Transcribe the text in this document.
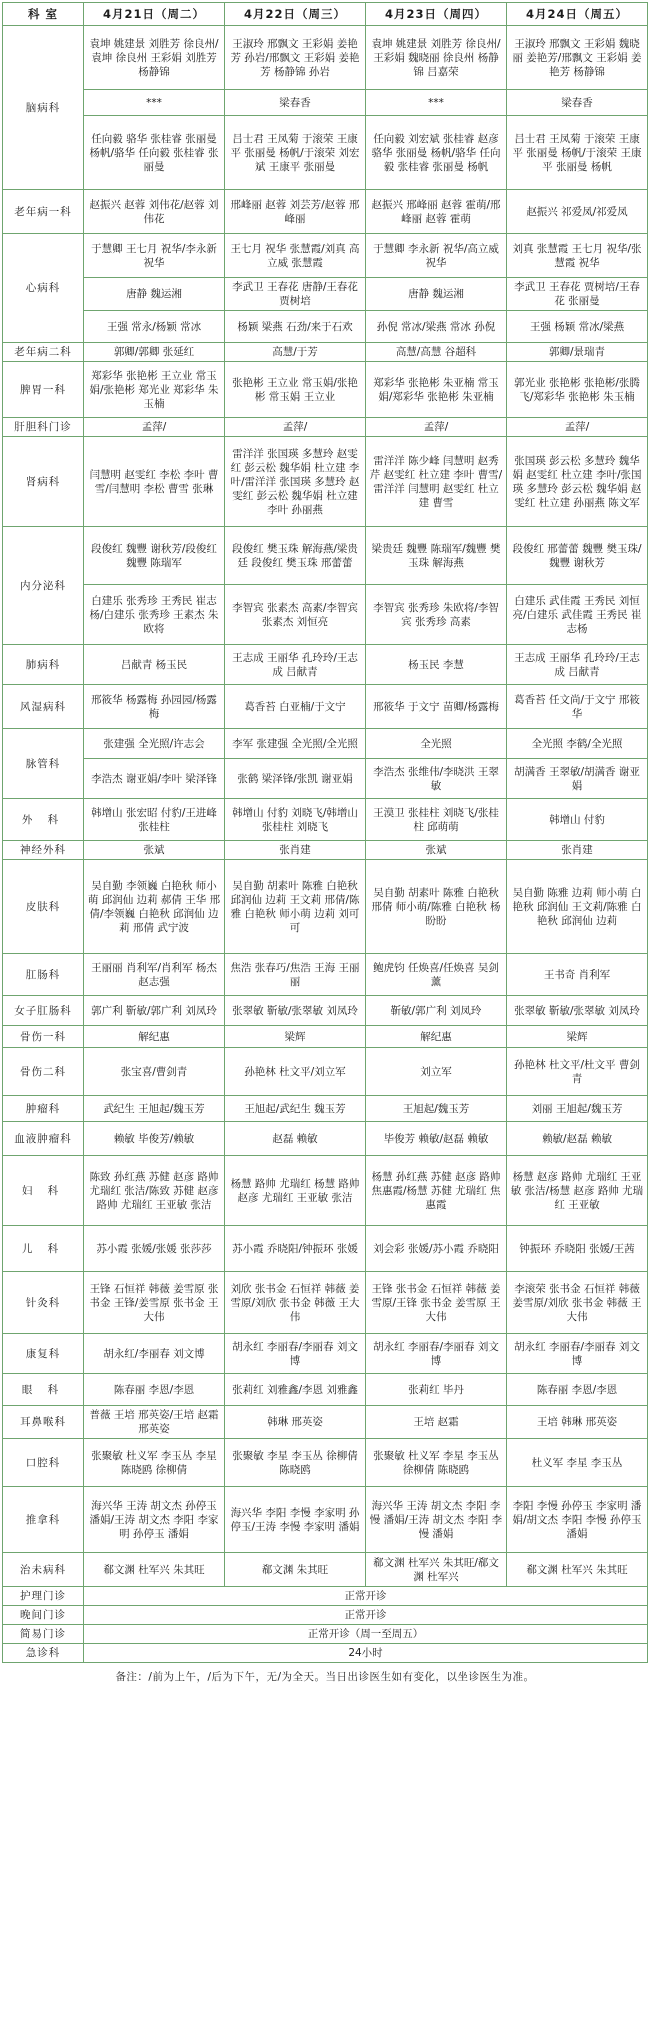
科 室	4月21日（周二）	4月22日（周三）	4月23日（周四）	4月24日（周五）
脑病科	袁坤 姚建景 刘胜芳 徐良州/袁坤 徐良州 王彩娟 刘胜芳 杨静锦	王淑玲 邢飘文 王彩娟 姜艳芳 孙岩/邢飘文 王彩娟 姜艳芳 杨静锦 孙岩	袁坤 姚建景 刘胜芳 徐良州/王彩娟 魏晓丽 徐良州 杨静锦 吕嘉荣	王淑玲 邢飘文 王彩娟 魏晓丽 姜艳芳/邢飘文 王彩娟 姜艳芳 杨静锦
	***	梁春香	***	梁春香
	任向毅 骆华 张桂睿 张丽曼 杨帆/骆华 任向毅 张桂睿 张丽曼	吕士君 王凤菊 于滚荣 王康平 张丽曼 杨帆/于滚荣 刘宏斌 王康平 张丽曼	任向毅 刘宏斌 张桂睿 赵彦 骆华 张丽曼 杨帆/骆华 任向毅 张桂睿 张丽曼 杨帆	吕士君 王凤菊 于滚荣 王康平 张丽曼 杨帆/于滚荣 王康平 张丽曼 杨帆
老年病一科	赵振兴 赵蓉 刘伟花/赵蓉 刘伟花	邢峰丽 赵蓉 刘芸芳/赵蓉 邢峰丽	赵振兴 邢峰丽 赵蓉 霍萌/邢峰丽 赵蓉 霍萌	赵振兴 祁爱凤/祁爱凤
心病科	于慧卿 王七月 祝华/李永新 祝华	王七月 祝华 张慧霞/刘真 高立威 张慧霞	于慧卿 李永新 祝华/高立威 祝华	刘真 张慧霞 王七月 祝华/张慧霞 祝华
	唐静 魏运湘	李武卫 王春花 唐静/王春花 贾树培	唐静 魏运湘	李武卫 王春花 贾树培/王春花 张丽曼
	王强 常永/杨颖 常冰	杨颖 梁燕 石劲/来于石欢	孙倪 常冰/梁燕 常冰 孙倪	王强 杨颖 常冰/梁燕
老年病二科	郭卿/郭卿 张延红	高慧/于芳	高慧/高慧 谷超科	郭卿/景瑞青
脾胃一科	郑彩华 张艳彬 王立业 常玉娟/张艳彬 郑光业 郑彩华 朱玉楠	张艳彬 王立业 常玉娟/张艳彬 常玉娟 王立业	郑彩华 张艳彬 朱亚楠 常玉娟/郑彩华 张艳彬 朱亚楠	郭光业 张艳彬 张艳彬/张腾飞/郑彩华 张艳彬 朱玉楠
肝胆科门诊	孟萍/	孟萍/	孟萍/	孟萍/
肾病科	闫慧明 赵雯红 李松 李叶 曹雪/闫慧明 李松 曹雪 张琳	雷洋洋 张国瑛 多慧玲 赵雯红 彭云松 魏华娟 杜立建 李叶/雷洋洋 张国瑛 多慧玲 赵雯红 彭云松 魏华娟 杜立建 李叶 孙丽燕	雷洋洋 陈少峰 闫慧明 赵秀芹 赵雯红 杜立建 李叶 曹雪/雷洋洋 闫慧明 赵雯红 杜立建 曹雪	张国瑛 彭云松 多慧玲 魏华娟 赵雯红 杜立建 李叶/张国瑛 多慧玲 彭云松 魏华娟 赵雯红 杜立建 孙丽燕 陈文军
内分泌科	段俊红 魏豐 谢秋芳/段俊红 魏豐 陈瑞军	段俊红 樊玉珠 解海燕/梁贵廷 段俊红 樊玉珠 邢蕾蕾	梁贵廷 魏豐 陈瑞军/魏豐 樊玉珠 解海燕	段俊红 邢蕾蕾 魏豐 樊玉珠/魏豐 谢秋芳
	白建乐 张秀珍 王秀民 崔志杨/白建乐 张秀珍 王素杰 朱欧将	李智宾 张素杰 高素/李智宾 张素杰 刘恒亮	李智宾 张秀珍 朱欧将/李智宾 张秀珍 高素	白建乐 武佳霞 王秀民 刘恒亮/白建乐 武佳霞 王秀民 崔志杨
肺病科	吕献青 杨玉民	王志成 王丽华 孔玲玲/王志成 吕献青	杨玉民 李慧	王志成 王丽华 孔玲玲/王志成 吕献青
风湿病科	邢筱华 杨露梅 孙园园/杨露梅	葛香苔 白亚楠/于文宁	邢筱华 于文宁 苗卿/杨露梅	葛香苔 任文尚/于文宁 邢筱华
脉管科	张建强 全光照/许志会	李军 张建强 全光照/全光照	全光照	全光照 李鹤/全光照
	李浩杰 谢亚娟/李叶 梁泽锋	张鹤 梁泽锋/张凯 谢亚娟	李浩杰 张维伟/李晓洪 王翠敏	胡满香 王翠敏/胡满香 谢亚娟
外 科	韩增山 张宏昭 付豹/王进峰 张桂柱	韩增山 付豹 刘晓飞/韩增山 张桂柱 刘晓飞	王漠卫 张桂柱 刘晓飞/张桂柱 邱萌萌	韩增山 付豹
神经外科	张斌	张肖建	张斌	张肖建
皮肤科	吴自勤 李领巍 白艳秋 师小萌 邱润仙 边莉 郝倩 王华 邢倩/李领巍 白艳秋 邱润仙 边莉 邢倩 武宁波	吴自勤 胡素叶 陈雅 白艳秋 邱润仙 边莉 王文莉 邢倩/陈雅 白艳秋 师小萌 边莉 刘可可	吴自勤 胡素叶 陈雅 白艳秋 邢倩 师小萌/陈雅 白艳秋 杨盼盼	吴自勤 陈雅 边莉 师小萌 白艳秋 邱润仙 王文莉/陈雅 白艳秋 邱润仙 边莉
肛肠科	王丽丽 肖利军/肖利军 杨杰 赵志强	焦浩 张春巧/焦浩 王海 王丽丽	鲍虎钧 任焕喜/任焕喜 吴剑薰	王书奇 肖利军
女子肛肠科	郭广利 靳敏/郭广利 刘凤玲	张翠敏 靳敏/张翠敏 刘凤玲	靳敏/郭广利 刘凤玲	张翠敏 靳敏/张翠敏 刘凤玲
骨伤一科	解纪惠	梁辉	解纪惠	梁辉
骨伤二科	张宝喜/曹剑青	孙艳林 杜文平/刘立军	刘立军	孙艳林 杜文平/杜文平 曹剑青
肿瘤科	武纪生 王旭起/魏玉芳	王旭起/武纪生 魏玉芳	王旭起/魏玉芳	刘丽 王旭起/魏玉芳
血液肿瘤科	赖敏 毕俊芳/赖敏	赵磊 赖敏	毕俊芳 赖敏/赵磊 赖敏	赖敏/赵磊 赖敏
妇 科	陈致 孙红燕 苏健 赵彦 路帅 尤瑞红 张洁/陈致 苏健 赵彦 路帅 尤瑞红 王亚敏 张洁	杨慧 路帅 尤瑞红 杨慧 路帅 赵彦 尤瑞红 王亚敏 张洁	杨慧 孙红燕 苏健 赵彦 路帅 焦惠霞/杨慧 苏健 尤瑞红 焦惠霞	杨慧 赵彦 路帅 尤瑞红 王亚敏 张洁/杨慧 赵彦 路帅 尤瑞红 王亚敏
儿 科	苏小霞 张媛/张媛 张莎莎	苏小霞 乔晓阳/钟振环 张媛	刘会彩 张媛/苏小霞 乔晓阳	钟振环 乔晓阳 张媛/王茜
针灸科	王锋 石恒祥 韩薇 姜雪原 张书金 王锋/姜雪原 张书金 王大伟	刘欣 张书金 石恒祥 韩薇 姜雪原/刘欣 张书金 韩薇 王大伟	王锋 张书金 石恒祥 韩薇 姜雪原/王锋 张书金 姜雪原 王大伟	李滚荣 张书金 石恒祥 韩薇 姜雪原/刘欣 张书金 韩薇 王大伟
康复科	胡永红/李丽春 刘文博	胡永红 李丽春/李丽春 刘文博	胡永红 李丽春/李丽春 刘文博	胡永红 李丽春/李丽春 刘文博
眼 科	陈春丽 李恩/李恩	张莉红 刘雅鑫/李恩 刘雅鑫	张莉红 毕丹	陈春丽 李恩/李恩
耳鼻喉科	普薇 王培 邢英姿/王培 赵霜 邢英姿	韩琳 邢英姿	王培 赵霜	王培 韩琳 邢英姿
口腔科	张聚敏 杜义军 李玉丛 李星 陈晓鸥 徐柳倩	张聚敏 李星 李玉丛 徐柳倩 陈晓鸥	张聚敏 杜义军 李星 李玉丛 徐柳倩 陈晓鸥	杜义军 李星 李玉丛
推拿科	海兴华 王涛 胡文杰 孙停玉 潘娟/王涛 胡文杰 李阳 李家明 孙停玉 潘娟	海兴华 李阳 李慢 李家明 孙停玉/王涛 李慢 李家明 潘娟	海兴华 王涛 胡文杰 李阳 李慢 潘娟/王涛 胡文杰 李阳 李慢 潘娟	李阳 李慢 孙停玉 李家明 潘娟/胡文杰 李阳 李慢 孙停玉 潘娟
治未病科	郗文渊 杜军兴 朱其旺	郗文渊 朱其旺	郗文渊 杜军兴 朱其旺/郗文渊 杜军兴	郗文渊 杜军兴 朱其旺
护理门诊	正常开诊			
晚间门诊	正常开诊			
简易门诊	正常开诊（周一至周五）			
急诊科	24小时			
备注：/前为上午，/后为下午，无/为全天。当日出诊医生如有变化，以坐诊医生为准。
